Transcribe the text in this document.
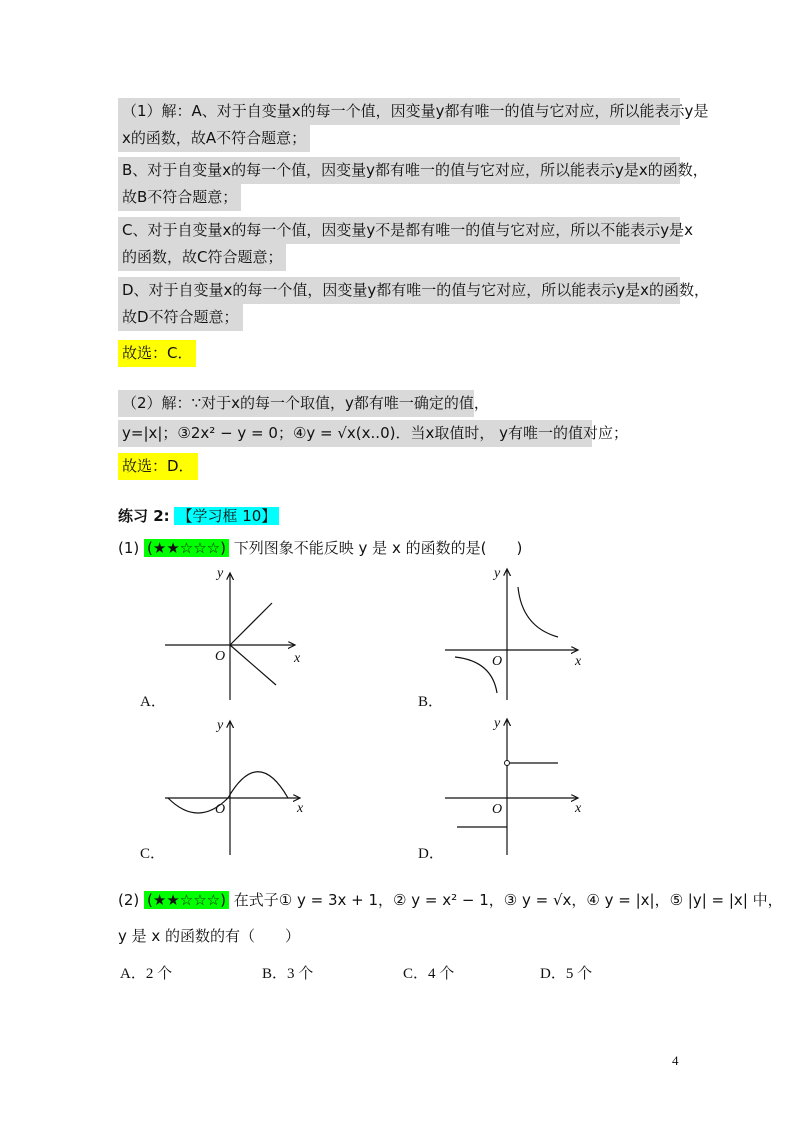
（1）解：A、对于自变量x的每一个值，因变量y都有唯一的值与它对应，所以能表示y是
x的函数，故A不符合题意；
B、对于自变量x的每一个值，因变量y都有唯一的值与它对应，所以能表示y是x的函数，
故B不符合题意；
C、对于自变量x的每一个值，因变量y不是都有唯一的值与它对应，所以不能表示y是x
的函数，故C符合题意；
D、对于自变量x的每一个值，因变量y都有唯一的值与它对应，所以能表示y是x的函数，
故D不符合题意；
故选：C．
（2）解：∵对于x的每一个取值，y都有唯一确定的值，
y=|x|；③2x² − y = 0；④y = √x(x..0)．当x取值时， y有唯一的值对应；
故选：D．
练习 2: 【学习框 10】
(1) (★★☆☆☆) 下列图象不能反映 y 是 x 的函数的是(　　)
x
y
O
A．
x
y
O
B．
x
y
O
C．
x
y
O
D．
(2) (★★☆☆☆) 在式子① y = 3x + 1，② y = x² − 1，③ y = √x，④ y = |x|，⑤ |y| = |x| 中，
y 是 x 的函数的有（　　）
A．2 个	B．3 个	C．4 个	D．5 个
4
